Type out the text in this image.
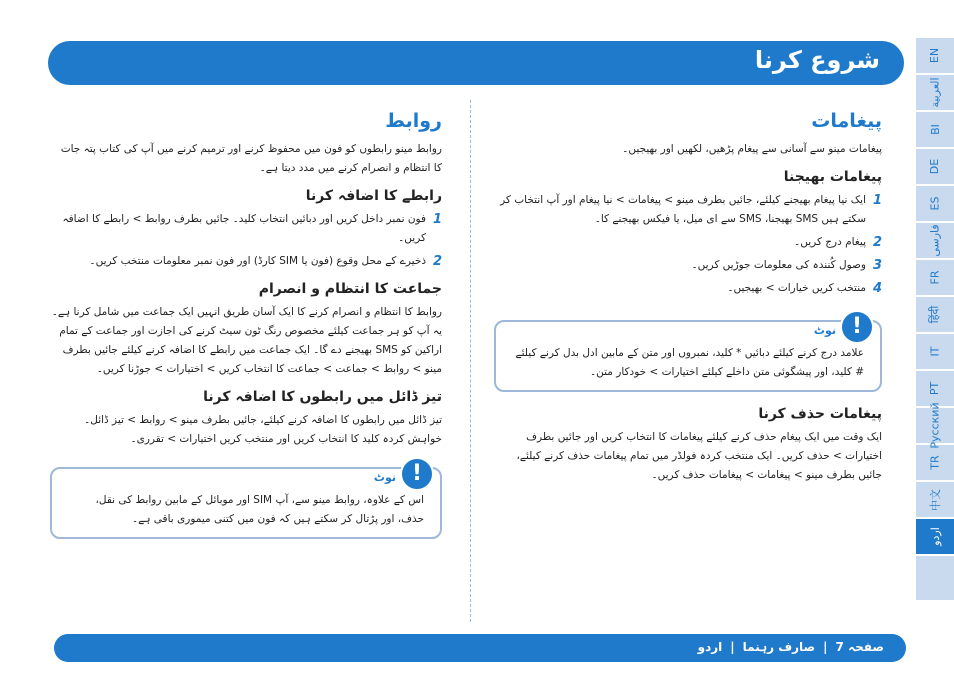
شروع کرنا	EN
العربية
BI
DE
ES
فارسی
FR
हिंदी
IT
PT
Русский
TR
中文
اردو
پیغامات

پیغامات مینو سے آسانی سے پیغام پڑھیں، لکھیں اور بھیجیں۔

پیغامات بھیجنا
1
ایک نیا پیغام بھیجنے کیلئے، جائیں بطرف مینو > پیغامات > نیا پیغام اور آپ انتخاب کر سکتے ہیں SMS بھیجنا، SMS سے ای میل، یا فیکس بھیجنے کا۔
2
پیغام درج کریں۔
3
وصول کُنندہ کی معلومات جوڑیں کریں۔
4
منتخب کریں خیارات > بھیجیں۔
!
نوٹ

علامد درج کرنے کیلئے دبائیں * کلید، نمبروں اور متن کے مابین ادل بدل کرنے کیلئے # کلید، اور پیشگوئی متن داخلے کیلئے اختیارات > خودکار متن۔

پیغامات حذف کرنا

ایک وقت میں ایک پیغام حذف کرنے کیلئے پیغامات کا انتخاب کریں اور جائیں بطرف اختیارات > حذف کریں۔ ایک منتخب کردہ فولڈر میں تمام پیغامات حذف کرنے کیلئے، جائیں بطرف مینو > پیغامات > پیغامات حذف کریں۔

روابط

روابط مینو رابطوں کو فون میں محفوظ کرنے اور ترمیم کرنے میں آپ کی کتاب پتہ جات کا انتظام و انصرام کرنے میں مدد دیتا ہے۔

رابطے کا اضافہ کرنا
1
فون نمبر داخل کریں اور دبائیں انتخاب کلید۔ جائیں بطرف روابط > رابطے کا اضافہ کریں۔
2
ذخیرے کے محل وقوع (فون یا SIM کارڈ) اور فون نمبر معلومات منتخب کریں۔
جماعت کا انتظام و انصرام

روابط کا انتظام و انصرام کرنے کا ایک آسان طریق انہیں ایک جماعت میں شامل کرنا ہے۔ یہ آپ کو ہر جماعت کیلئے مخصوص رنگ ٹون سیٹ کرنے کی اجازت اور جماعت کے تمام اراکین کو SMS بھیجنے دے گا۔ ایک جماعت میں رابطے کا اضافہ کرنے کیلئے جائیں بطرف مینو > روابط > جماعت > جماعت کا انتخاب کریں > اختیارات > جوڑنا کریں۔

تیز ڈائل میں رابطوں کا اضافہ کرنا

تیز ڈائل میں رابطوں کا اضافہ کرنے کیلئے، جائیں بطرف مینو > روابط > تیز ڈائل۔ خواہش کردہ کلید کا انتخاب کریں اور منتخب کریں اختیارات > تقرری۔

!
نوٹ

اس کے علاوہ، روابط مینو سے، آپ SIM اور موبائل کے مابین روابط کی نقل، حذف، اور پڑتال کر سکتے ہیں کہ فون میں کتنی میموری باقی ہے۔

صفحہ 7|صارف رہنما|اردو
